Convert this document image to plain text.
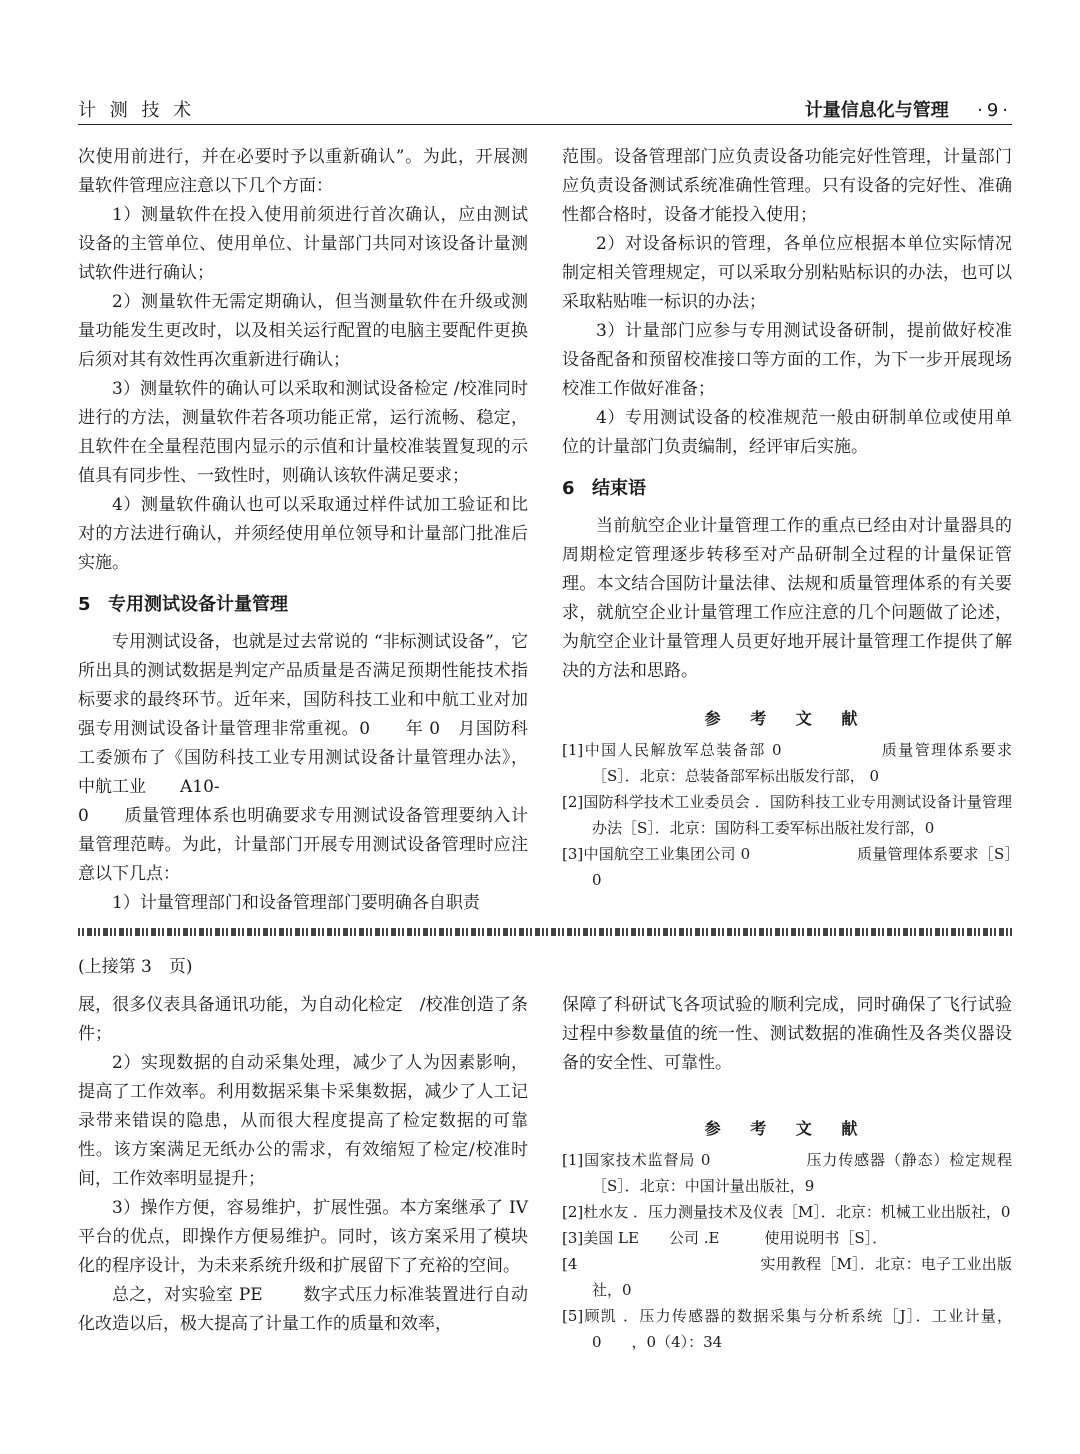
计 测 技 术	计量信息化与管理 ·9·

次使用前进行，并在必要时予以重新确认”。为此，开展测量软件管理应注意以下几个方面：

1）测量软件在投入使用前须进行首次确认，应由测试设备的主管单位、使用单位、计量部门共同对该设备计量测试软件进行确认；

2）测量软件无需定期确认，但当测量软件在升级或测量功能发生更改时，以及相关运行配置的电脑主要配件更换后须对其有效性再次重新进行确认；

3）测量软件的确认可以采取和测试设备检定 /校准同时进行的方法，测量软件若各项功能正常，运行流畅、稳定，且软件在全量程范围内显示的示值和计量校准装置复现的示值具有同步性、一致性时，则确认该软件满足要求；

4）测量软件确认也可以采取通过样件试加工验证和比对的方法进行确认，并须经使用单位领导和计量部门批准后实施。

5 专用测试设备计量管理

专用测试设备，也就是过去常说的 “非标测试设备”，它所出具的测试数据是判定产品质量是否满足预期性能技术指标要求的最终环节。近年来，国防科技工业和中航工业对加强专用测试设备计量管理非常重视。0　　年 0　月国防科工委颁布了《国防科技工业专用测试设备计量管理办法》，中航工业　　A10-

0　　质量管理体系也明确要求专用测试设备管理要纳入计量管理范畴。为此，计量部门开展专用测试设备管理时应注意以下几点：

1）计量管理部门和设备管理部门要明确各自职责

范围。设备管理部门应负责设备功能完好性管理，计量部门应负责设备测试系统准确性管理。只有设备的完好性、准确性都合格时，设备才能投入使用；

2）对设备标识的管理，各单位应根据本单位实际情况制定相关管理规定，可以采取分别粘贴标识的办法，也可以采取粘贴唯一标识的办法；

3）计量部门应参与专用测试设备研制，提前做好校准设备配备和预留校准接口等方面的工作，为下一步开展现场校准工作做好准备；

4）专用测试设备的校准规范一般由研制单位或使用单位的计量部门负责编制，经评审后实施。

6 结束语

当前航空企业计量管理工作的重点已经由对计量器具的周期检定管理逐步转移至对产品研制全过程的计量保证管理。本文结合国防计量法律、法规和质量管理体系的有关要求，就航空企业计量管理工作应注意的几个问题做了论述，为航空企业计量管理人员更好地开展计量管理工作提供了解决的方法和思路。

参 考 文 献

[1]中国人民解放军总装备部 0　　　　　　质量管理体系要求［S］．北京：总装备部军标出版发行部， 0

[2]国防科学技术工业委员会 ．国防科技工业专用测试设备计量管理办法［S］．北京：国防科工委军标出版社发行部，0

[3]中国航空工业集团公司 0　　　　　　　质量管理体系要求［S］0

(上接第 3　页)

展，很多仪表具备通讯功能，为自动化检定　/校准创造了条件；

2）实现数据的自动采集处理，减少了人为因素影响，提高了工作效率。利用数据采集卡采集数据，减少了人工记录带来错误的隐患，从而很大程度提高了检定数据的可靠性。该方案满足无纸办公的需求，有效缩短了检定/校准时间，工作效率明显提升；

3）操作方便，容易维护，扩展性强。本方案继承了 IV　　　平台的优点，即操作方便易维护。同时，该方案采用了模块化的程序设计，为未来系统升级和扩展留下了充裕的空间。

总之，对实验室 PE　　 数字式压力标准装置进行自动化改造以后，极大提高了计量工作的质量和效率，

保障了科研试飞各项试验的顺利完成，同时确保了飞行试验过程中参数量值的统一性、测试数据的准确性及各类仪器设备的安全性、可靠性。

参 考 文 献

[1]国家技术监督局 0　　　　　　压力传感器（静态）检定规程［S］．北京：中国计量出版社，9

[2]杜水友 ．压力测量技术及仪表［M］．北京：机械工业出版社，0

[3]美国 LE　　公司 .E　　　使用说明书［S］．

[4　　　　　　　　　　　　实用教程［M］．北京：电子工业出版社，0

[5]顾凯 ．压力传感器的数据采集与分析系统［J］．工业计量，0　　，0（4）：34
